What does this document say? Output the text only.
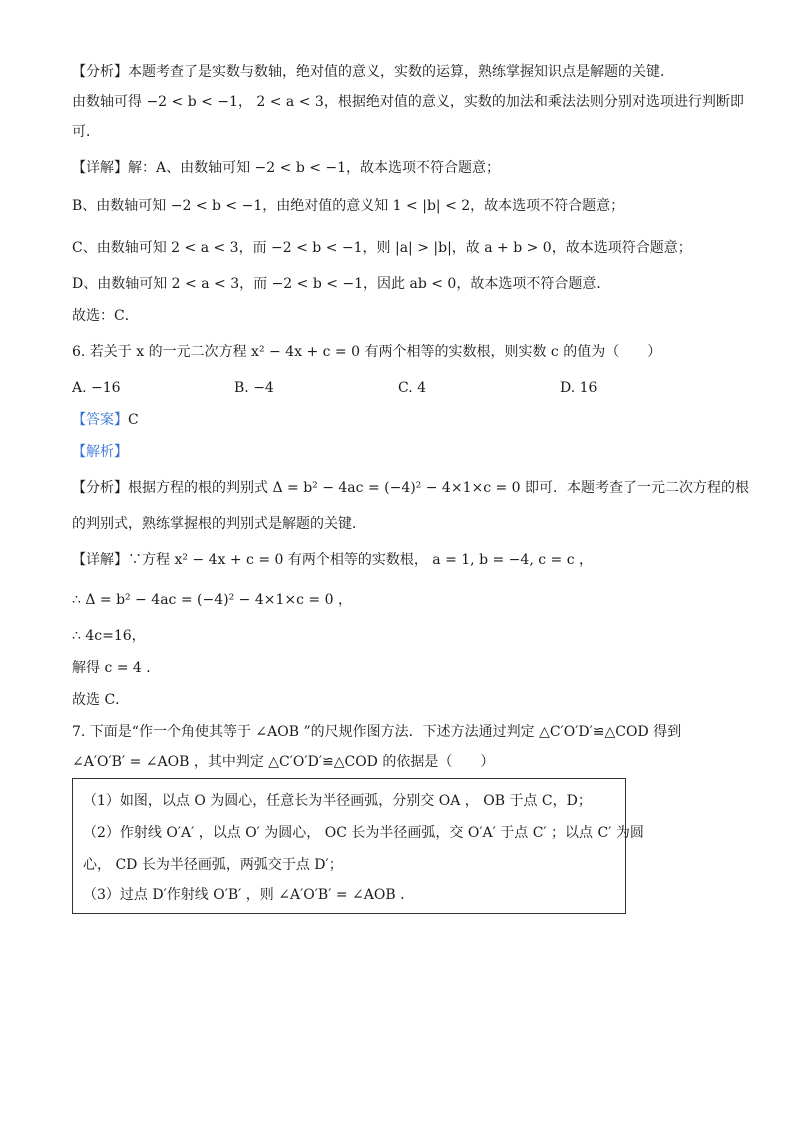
【分析】本题考查了是实数与数轴，绝对值的意义，实数的运算，熟练掌握知识点是解题的关键．
由数轴可得 −2 < b < −1， 2 < a < 3，根据绝对值的意义，实数的加法和乘法法则分别对选项进行判断即
可．
【详解】解：A、由数轴可知 −2 < b < −1，故本选项不符合题意；
B、由数轴可知 −2 < b < −1，由绝对值的意义知 1 < |b| < 2，故本选项不符合题意；
C、由数轴可知 2 < a < 3，而 −2 < b < −1，则 |a| > |b|，故 a + b > 0，故本选项符合题意；
D、由数轴可知 2 < a < 3，而 −2 < b < −1，因此 ab < 0，故本选项不符合题意．
故选：C．
6. 若关于 x 的一元二次方程 x² − 4x + c = 0 有两个相等的实数根，则实数 c 的值为（　　）
A. −16	B. −4	C. 4	D. 16
【答案】C
【解析】
【分析】根据方程的根的判别式 Δ = b² − 4ac = (−4)² − 4×1×c = 0 即可．本题考查了一元二次方程的根
的判别式，熟练掌握根的判别式是解题的关键．
【详解】∵方程 x² − 4x + c = 0 有两个相等的实数根， a = 1, b = −4, c = c ，
∴ Δ = b² − 4ac = (−4)² − 4×1×c = 0 ，
∴ 4c=16，
解得 c = 4 ．
故选 C．
7. 下面是“作一个角使其等于 ∠AOB ”的尺规作图方法．下述方法通过判定 △C′O′D′≌△COD 得到
∠A′O′B′ = ∠AOB ，其中判定 △C′O′D′≌△COD 的依据是（　　）
（1）如图，以点 O 为圆心，任意长为半径画弧，分别交 OA ， OB 于点 C，D；
（2）作射线 O′A′ ，以点 O′ 为圆心， OC 长为半径画弧，交 O′A′ 于点 C′ ；以点 C′ 为圆
心， CD 长为半径画弧，两弧交于点 D′；
（3）过点 D′作射线 O′B′ ，则 ∠A′O′B′ = ∠AOB ．
